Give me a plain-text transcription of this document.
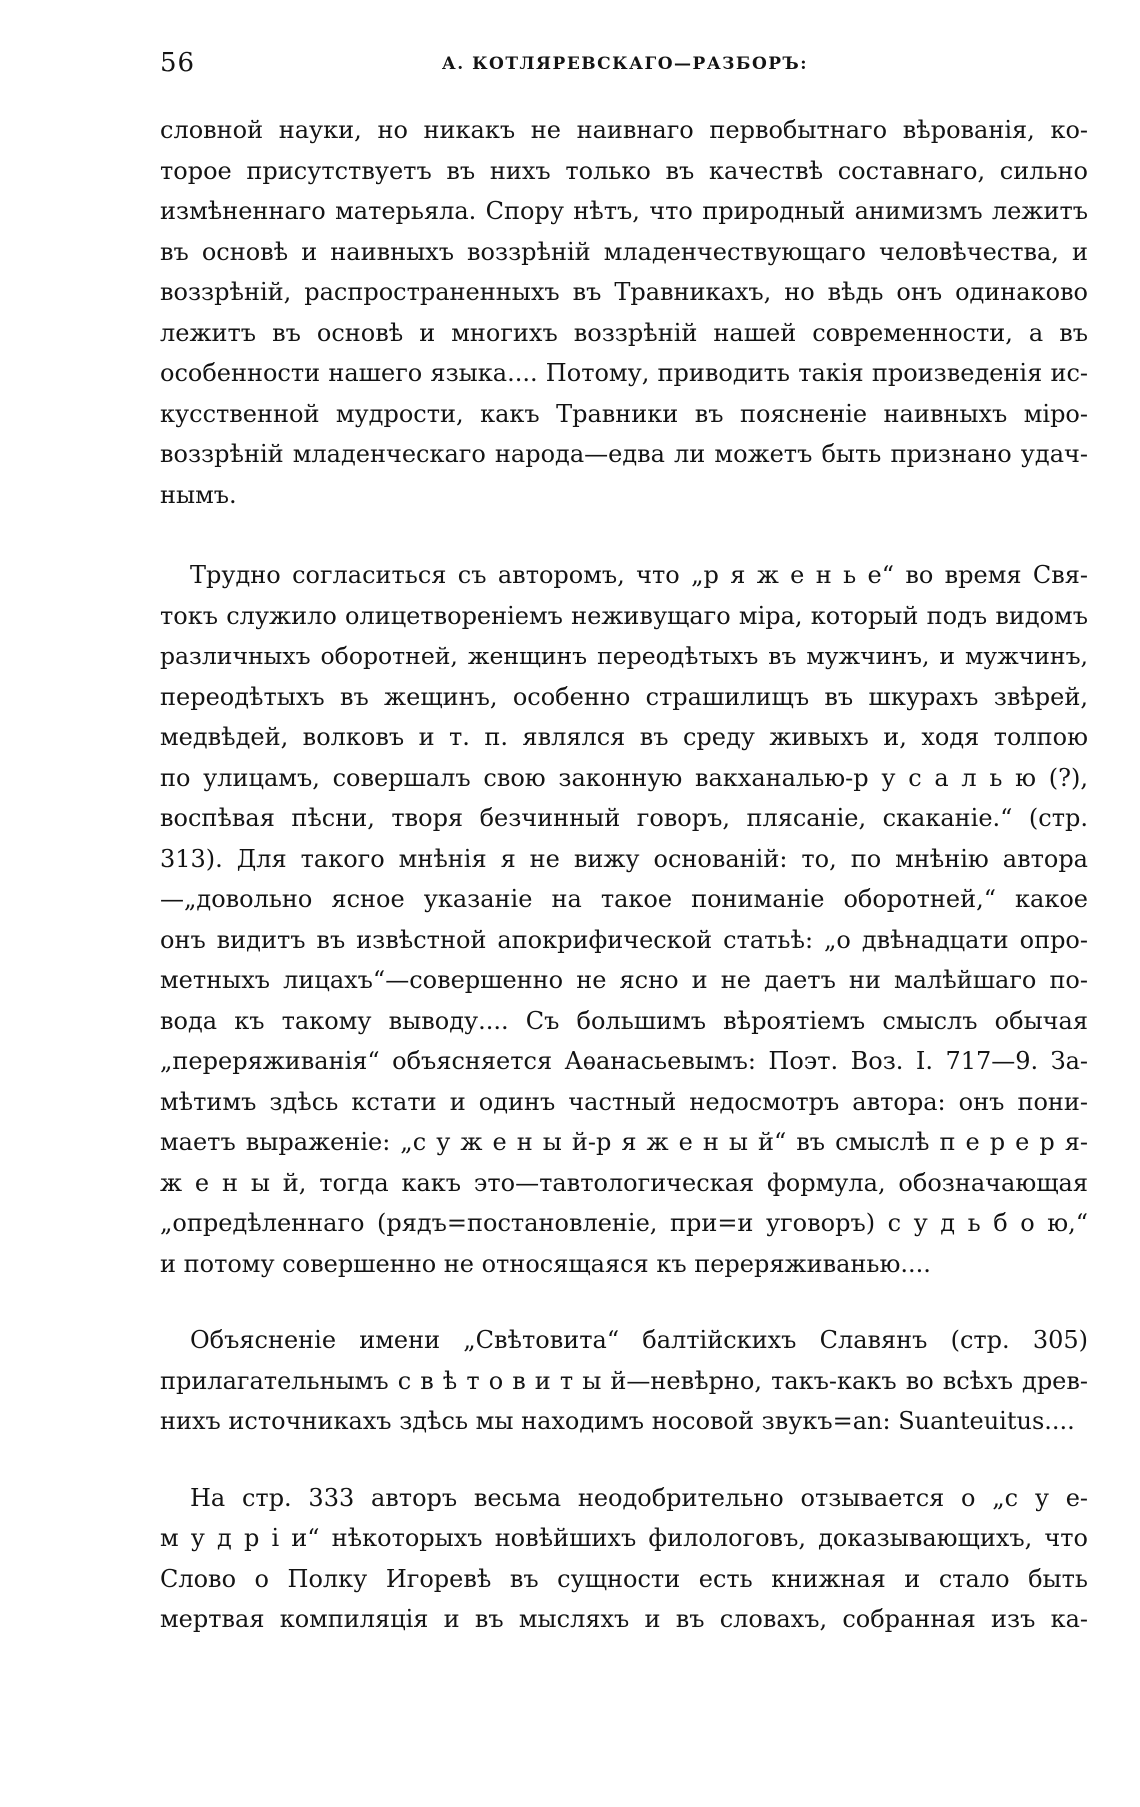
56	А. КОТЛЯРЕВСКАГО—РАЗБОРЪ:

словной науки, но никакъ не наивнаго первобытнаго вѣрованія, ко-
торое присутствуетъ въ нихъ только въ качествѣ составнаго, сильно
измѣненнаго матерьяла. Спору нѣтъ, что природный анимизмъ лежитъ
въ основѣ и наивныхъ воззрѣній младенчествующаго человѣчества, и
воззрѣній, распространенныхъ въ Травникахъ, но вѣдь онъ одинаково
лежитъ въ основѣ и многихъ воззрѣній нашей современности, а въ
особенности нашего языка.... Потому, приводить такія произведенія ис-
кусственной мудрости, какъ Травники въ поясненіе наивныхъ міро-
воззрѣній младенческаго народа—едва ли можетъ быть признано удач-
нымъ.

Трудно согласиться съ авторомъ, что „р я ж е н ь е“ во время Свя-
токъ служило олицетвореніемъ неживущаго міра, который подъ видомъ
различныхъ оборотней, женщинъ переодѣтыхъ въ мужчинъ, и мужчинъ,
переодѣтыхъ въ жещинъ, особенно страшилищъ въ шкурахъ звѣрей,
медвѣдей, волковъ и т. п. являлся въ среду живыхъ и, ходя толпою
по улицамъ, совершалъ свою законную вакханалью-р у с а л ь ю (?),
воспѣвая пѣсни, творя безчинный говоръ, плясаніе, скаканіе.“ (стр.
313). Для такого мнѣнія я не вижу основаній: то, по мнѣнію автора
—„довольно ясное указаніе на такое пониманіе оборотней,“ какое
онъ видитъ въ извѣстной апокрифической статьѣ: „о двѣнадцати опро-
метныхъ лицахъ“—совершенно не ясно и не даетъ ни малѣйшаго по-
вода къ такому выводу.... Съ большимъ вѣроятіемъ смыслъ обычая
„переряживанія“ объясняется Аѳанасьевымъ: Поэт. Воз. I. 717—9. За-
мѣтимъ здѣсь кстати и одинъ частный недосмотръ автора: онъ пони-
маетъ выраженіе: „с у ж е н ы й-р я ж е н ы й“ въ смыслѣ п е р е р я-
ж е н ы й, тогда какъ это—тавтологическая формула, обозначающая
„опредѣленнаго (рядъ=постановленіе, при=и уговоръ) с у д ь б о ю,“
и потому совершенно не относящаяся къ переряживанью....

Объясненіе имени „Свѣтовита“ балтійскихъ Славянъ (стр. 305)
прилагательнымъ с в ѣ т о в и т ы й—невѣрно, такъ-какъ во всѣхъ древ-
нихъ источникахъ здѣсь мы находимъ носовой звукъ=an: Suanteuitus....

На стр. 333 авторъ весьма неодобрительно отзывается о „с у е-
м у д р і и“ нѣкоторыхъ новѣйшихъ филологовъ, доказывающихъ, что
Слово о Полку Игоревѣ въ сущности есть книжная и стало быть
мертвая компиляція и въ мысляхъ и въ словахъ, собранная изъ ка-
